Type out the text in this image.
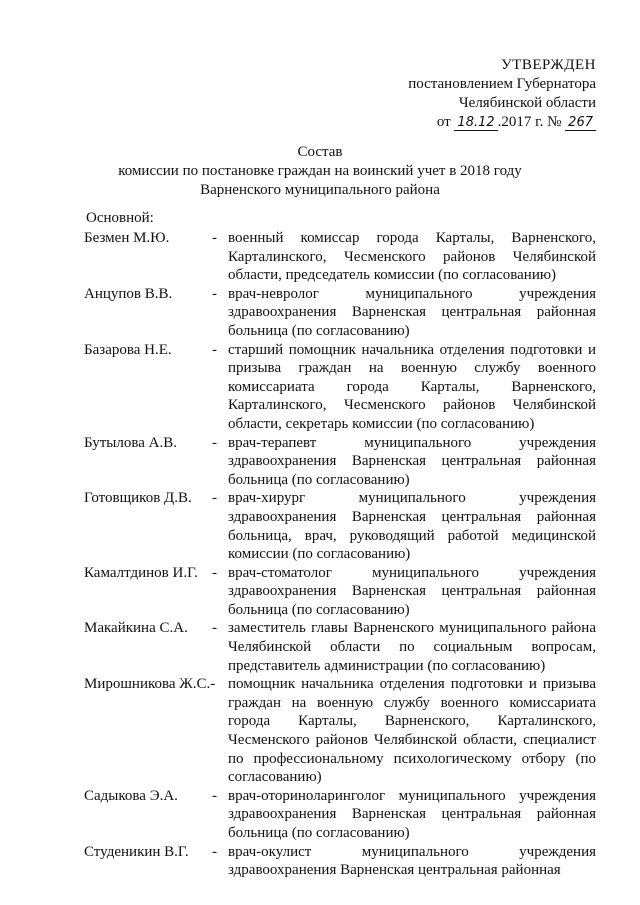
УТВЕРЖДЕН
постановлением Губернатора
Челябинской области
от 18.12 .2017 г. № 267
Состав
комиссии по постановке граждан на воинский учет в 2018 году
Варненского муниципального района
Основной:
Безмен М.Ю.	- военный комиссар города Карталы, Варненского, Карталинского, Чесменского районов Челябинской области, председатель комиссии (по согласованию)
Анцупов В.В.	- врач-невролог муниципального учреждения здравоохранения Варненская центральная районная больница (по согласованию)
Базарова Н.Е.	- старший помощник начальника отделения подготовки и призыва граждан на военную службу военного комиссариата города Карталы, Варненского, Карталинского, Чесменского районов Челябинской области, секретарь комиссии (по согласованию)
Бутылова А.В.	- врач-терапевт муниципального учреждения здравоохранения Варненская центральная районная больница (по согласованию)
Готовщиков Д.В.	- врач-хирург муниципального учреждения здравоохранения Варненская центральная районная больница, врач, руководящий работой медицинской комиссии (по согласованию)
Камалтдинов И.Г. - врач-стоматолог муниципального учреждения здравоохранения Варненская центральная районная больница (по согласованию)
Макайкина С.А.	- заместитель главы Варненского муниципального района Челябинской области по социальным вопросам, представитель администрации (по согласованию)
Мирошникова Ж.С.- помощник начальника отделения подготовки и призыва граждан на военную службу военного комиссариата города Карталы, Варненского, Карталинского, Чесменского районов Челябинской области, специалист по профессиональному психологическому отбору (по согласованию)
Садыкова Э.А.	- врач-оториноларинголог муниципального учреждения здравоохранения Варненская центральная районная больница (по согласованию)
Студеникин В.Г.	- врач-окулист муниципального учреждения здравоохранения Варненская центральная районная
